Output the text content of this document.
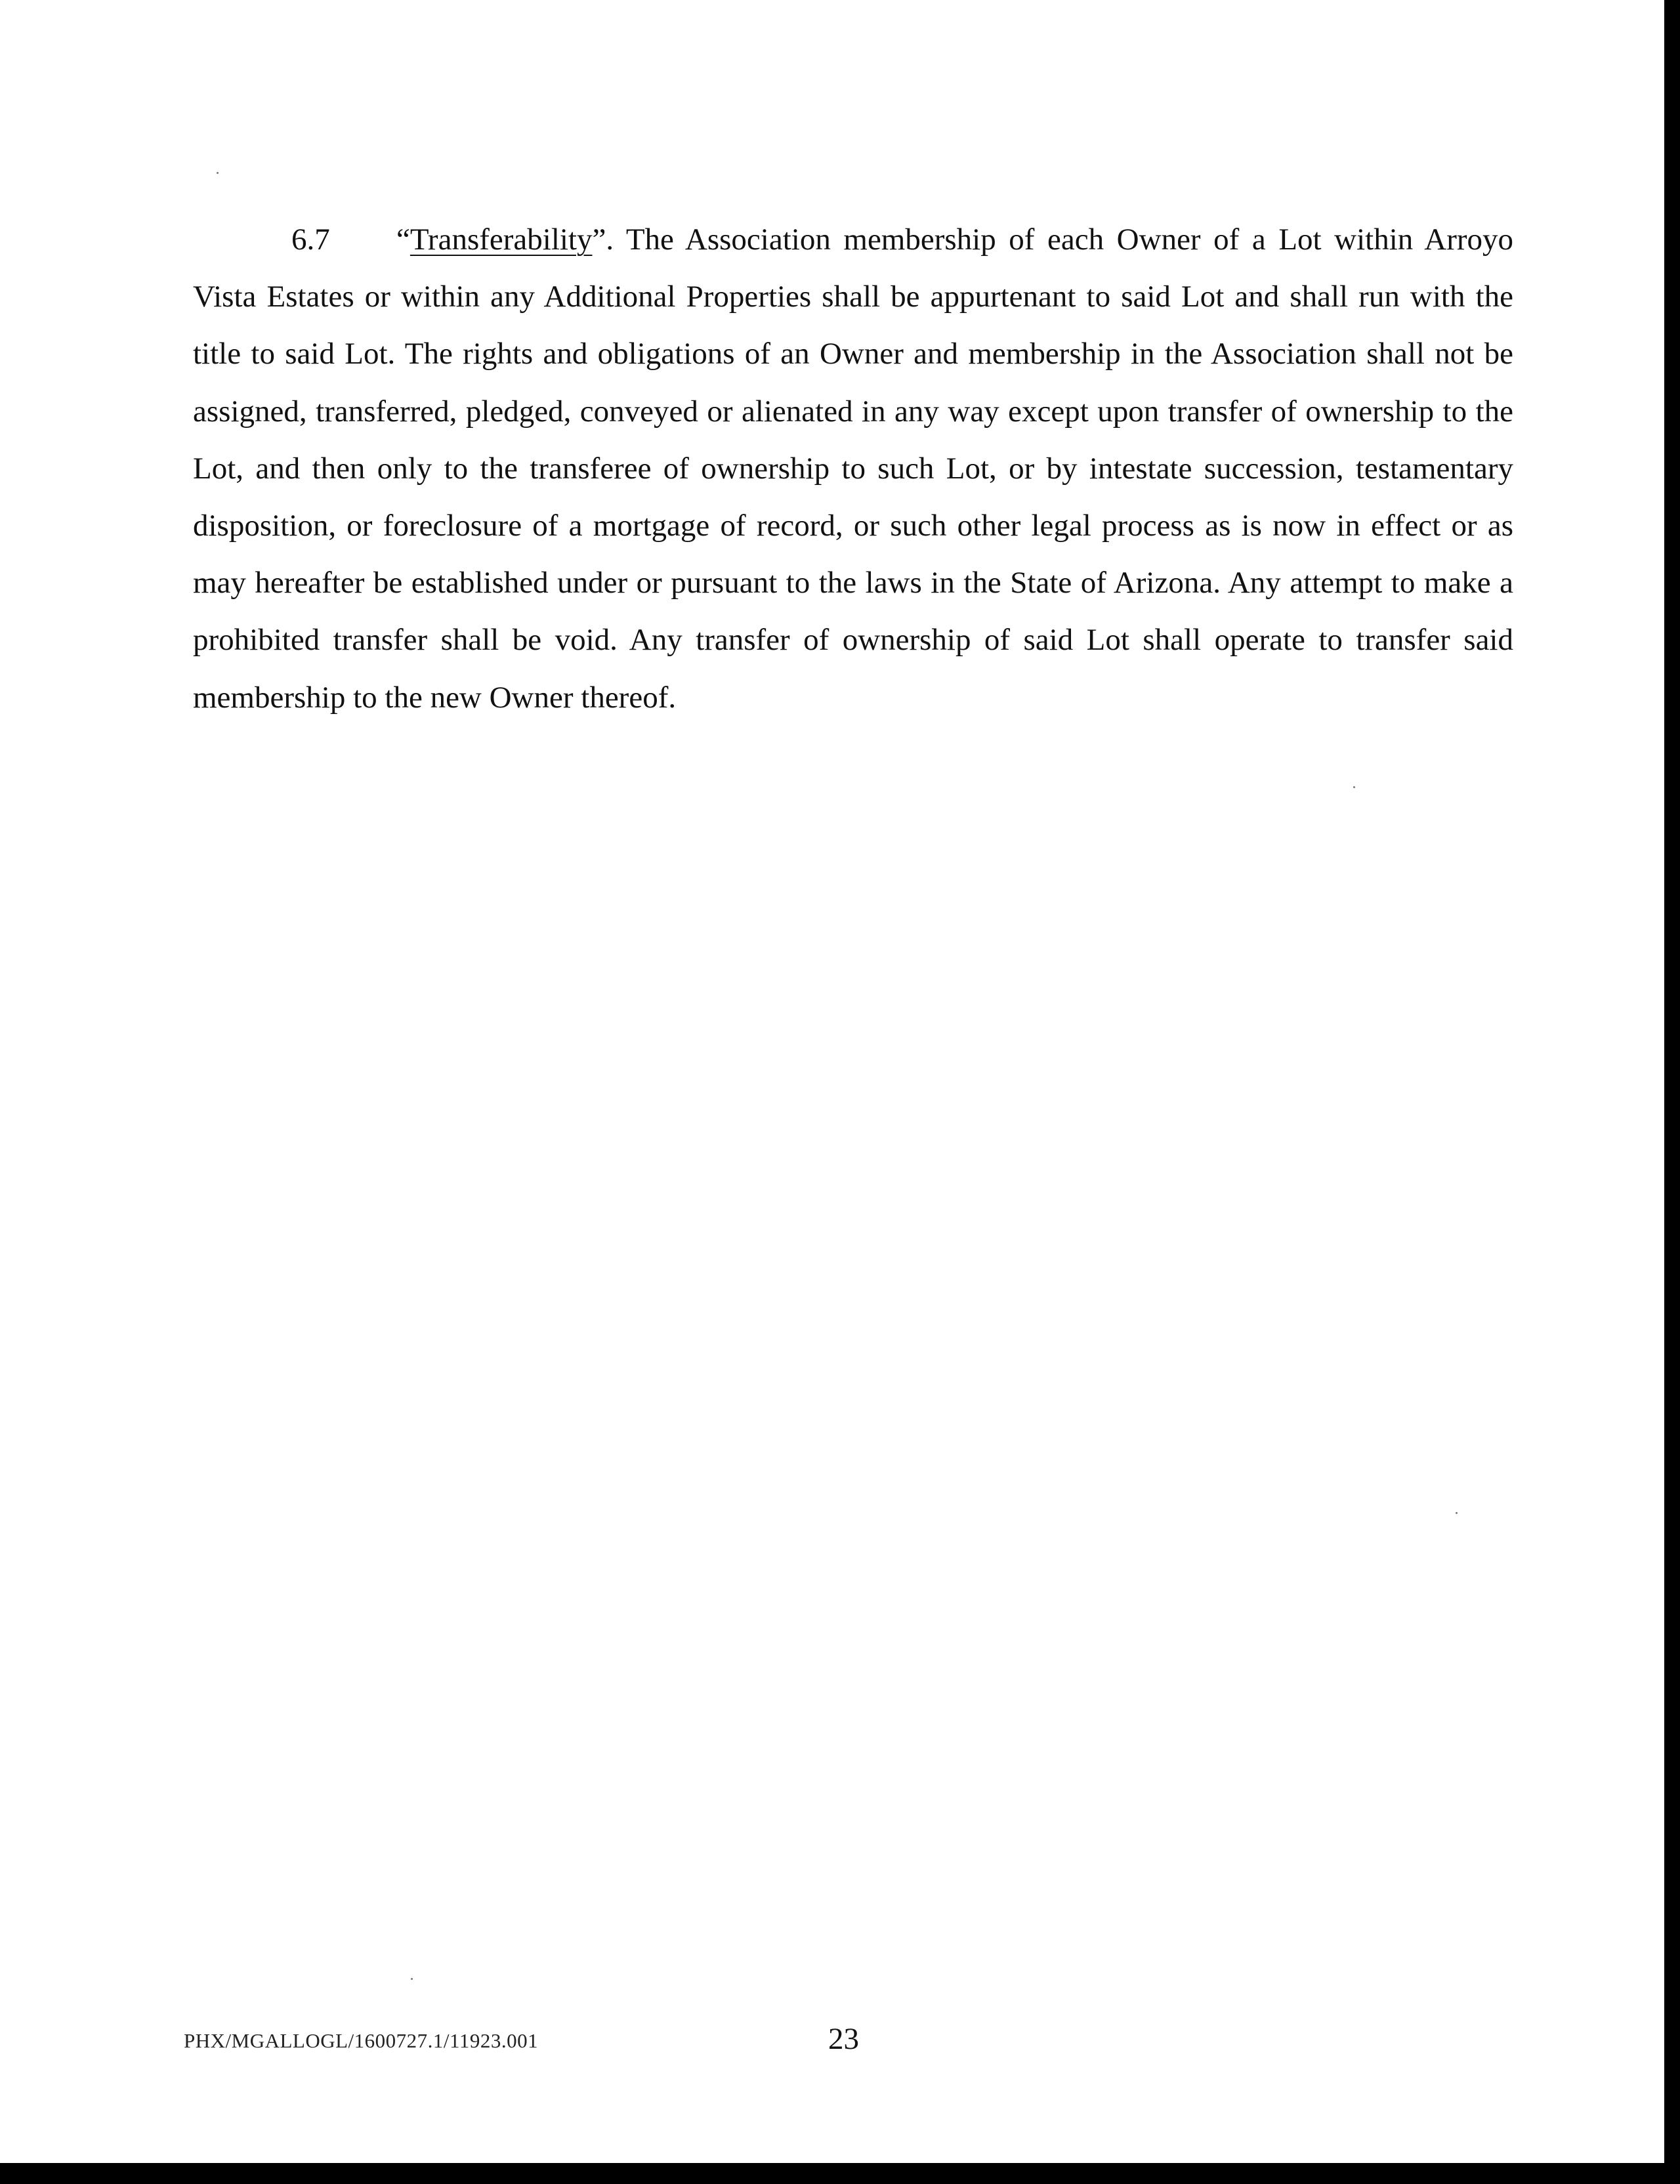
6.7 “Transferability”. The Association membership of each Owner of a Lot within Arroyo Vista Estates or within any Additional Properties shall be appurtenant to said Lot and shall run with the title to said Lot. The rights and obligations of an Owner and membership in the Association shall not be assigned, transferred, pledged, conveyed or alienated in any way except upon transfer of ownership to the Lot, and then only to the transferee of ownership to such Lot, or by intestate succession, testamentary disposition, or foreclosure of a mortgage of record, or such other legal process as is now in effect or as may hereafter be established under or pursuant to the laws in the State of Arizona. Any attempt to make a prohibited transfer shall be void. Any transfer of ownership of said Lot shall operate to transfer said membership to the new Owner thereof.

PHX/MGALLOGL/1600727.1/11923.001	23
